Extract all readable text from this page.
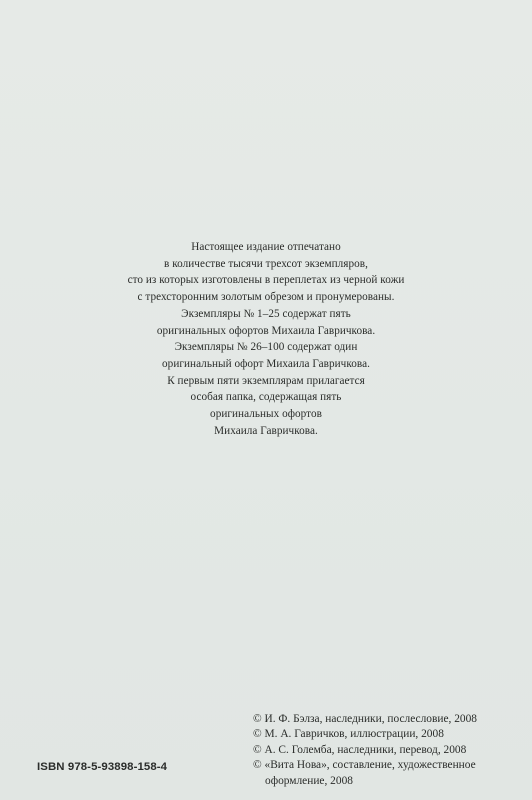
Настоящее издание отпечатано
в количестве тысячи трехсот экземпляров,
сто из которых изготовлены в переплетах из черной кожи
с трехсторонним золотым обрезом и пронумерованы.
Экземпляры № 1–25 содержат пять
оригинальных офортов Михаила Гавричкова.
Экземпляры № 26–100 содержат один
оригинальный офорт Михаила Гавричкова.
К первым пяти экземплярам прилагается
особая папка, содержащая пять
оригинальных офортов
Михаила Гавричкова.
ISBN 978-5-93898-158-4
© И. Ф. Бэлза, наследники, послесловие, 2008
© М. А. Гавричков, иллюстрации, 2008
© А. С. Големба, наследники, перевод, 2008
© «Вита Нова», составление, художественное
оформление, 2008
